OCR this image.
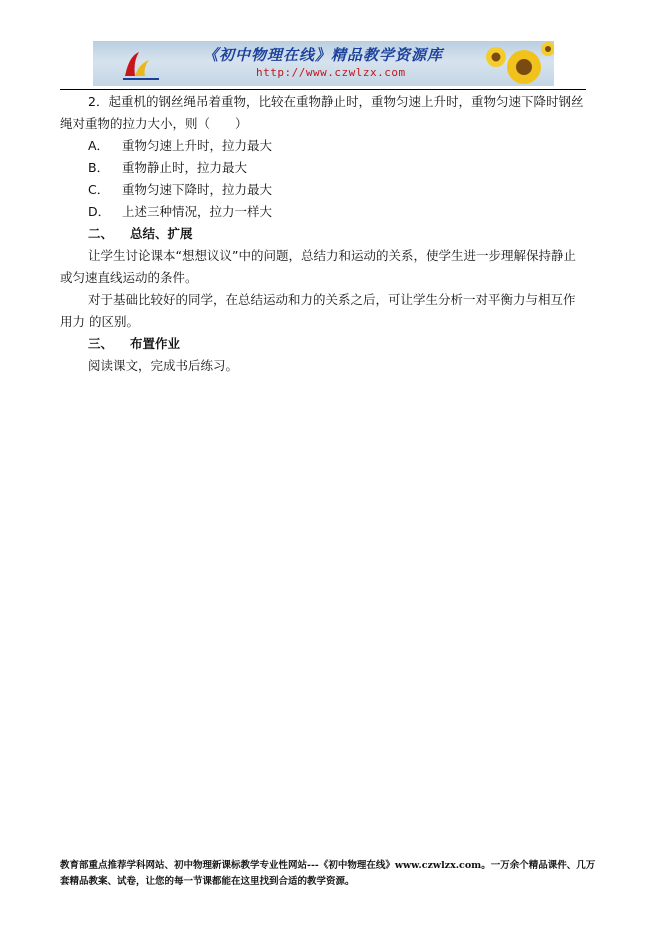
《初中物理在线》精品教学资源库
http://www.czwlzx.com

2．起重机的钢丝绳吊着重物，比较在重物静止时，重物匀速上升时，重物匀速下降时钢丝绳对重物的拉力大小，则（　　）

A． 重物匀速上升时，拉力最大

B． 重物静止时，拉力最大

C． 重物匀速下降时，拉力最大

D． 上述三种情况，拉力一样大

二、 总结、扩展

让学生讨论课本“想想议议”中的问题，总结力和运动的关系，使学生进一步理解保持静止或匀速直线运动的条件。

对于基础比较好的同学，在总结运动和力的关系之后，可让学生分析一对平衡力与相互作用力 的区别。

三、 布置作业

阅读课文，完成书后练习。

教育部重点推荐学科网站、初中物理新课标教学专业性网站---《初中物理在线》www.czwlzx.com。一万余个精品课件、几万套精品教案、试卷，让您的每一节课都能在这里找到合适的教学资源。
